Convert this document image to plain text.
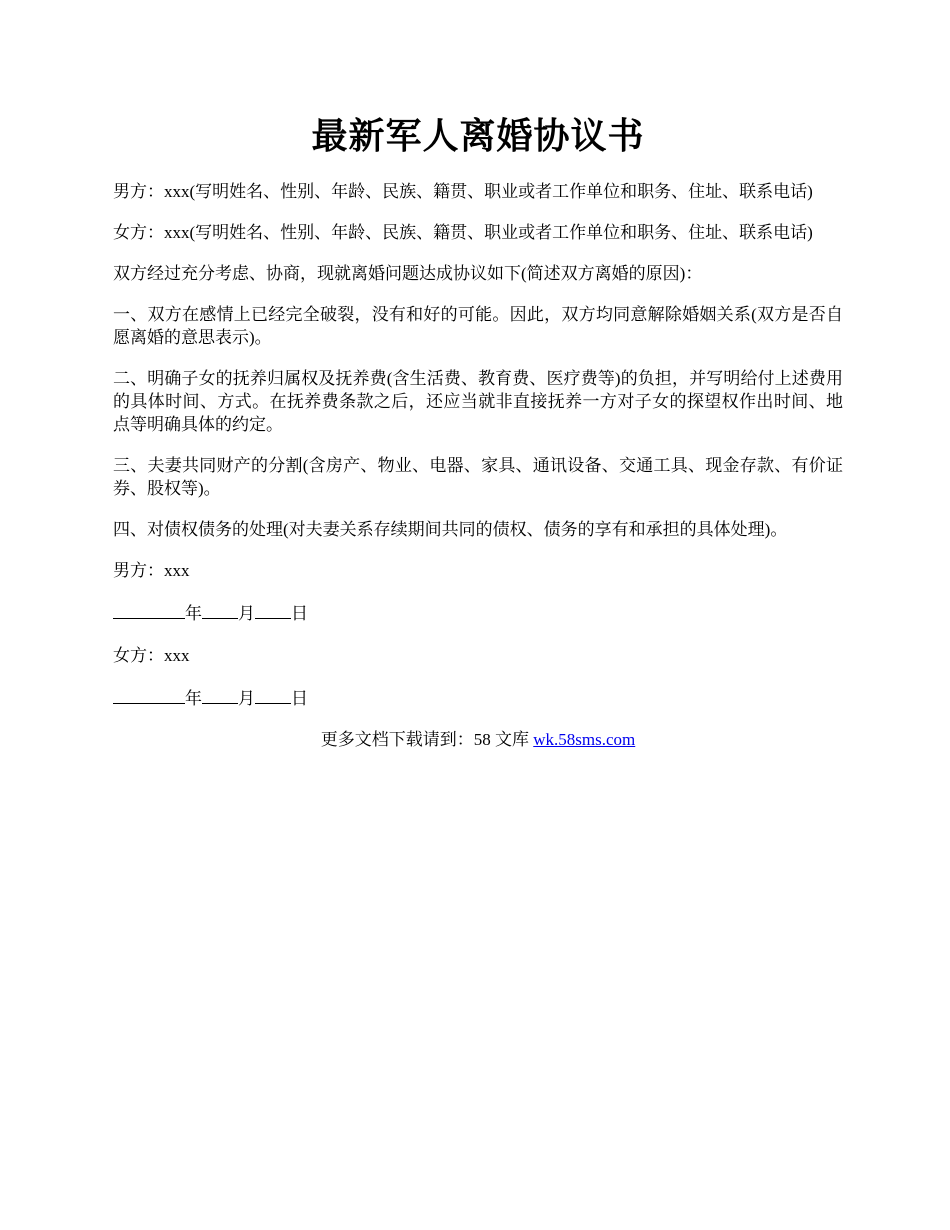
最新军人离婚协议书

男方：xxx(写明姓名、性别、年龄、民族、籍贯、职业或者工作单位和职务、住址、联系电话)

女方：xxx(写明姓名、性别、年龄、民族、籍贯、职业或者工作单位和职务、住址、联系电话)

双方经过充分考虑、协商，现就离婚问题达成协议如下(简述双方离婚的原因)：

一、双方在感情上已经完全破裂，没有和好的可能。因此，双方均同意解除婚姻关系(双方是否自愿离婚的意思表示)。

二、明确子女的抚养归属权及抚养费(含生活费、教育费、医疗费等)的负担，并写明给付上述费用的具体时间、方式。在抚养费条款之后，还应当就非直接抚养一方对子女的探望权作出时间、地点等明确具体的约定。

三、夫妻共同财产的分割(含房产、物业、电器、家具、通讯设备、交通工具、现金存款、有价证券、股权等)。

四、对债权债务的处理(对夫妻关系存续期间共同的债权、债务的享有和承担的具体处理)。

男方：xxx

年 月 日

女方：xxx

年 月 日

更多文档下载请到：58 文库 wk.58sms.com
